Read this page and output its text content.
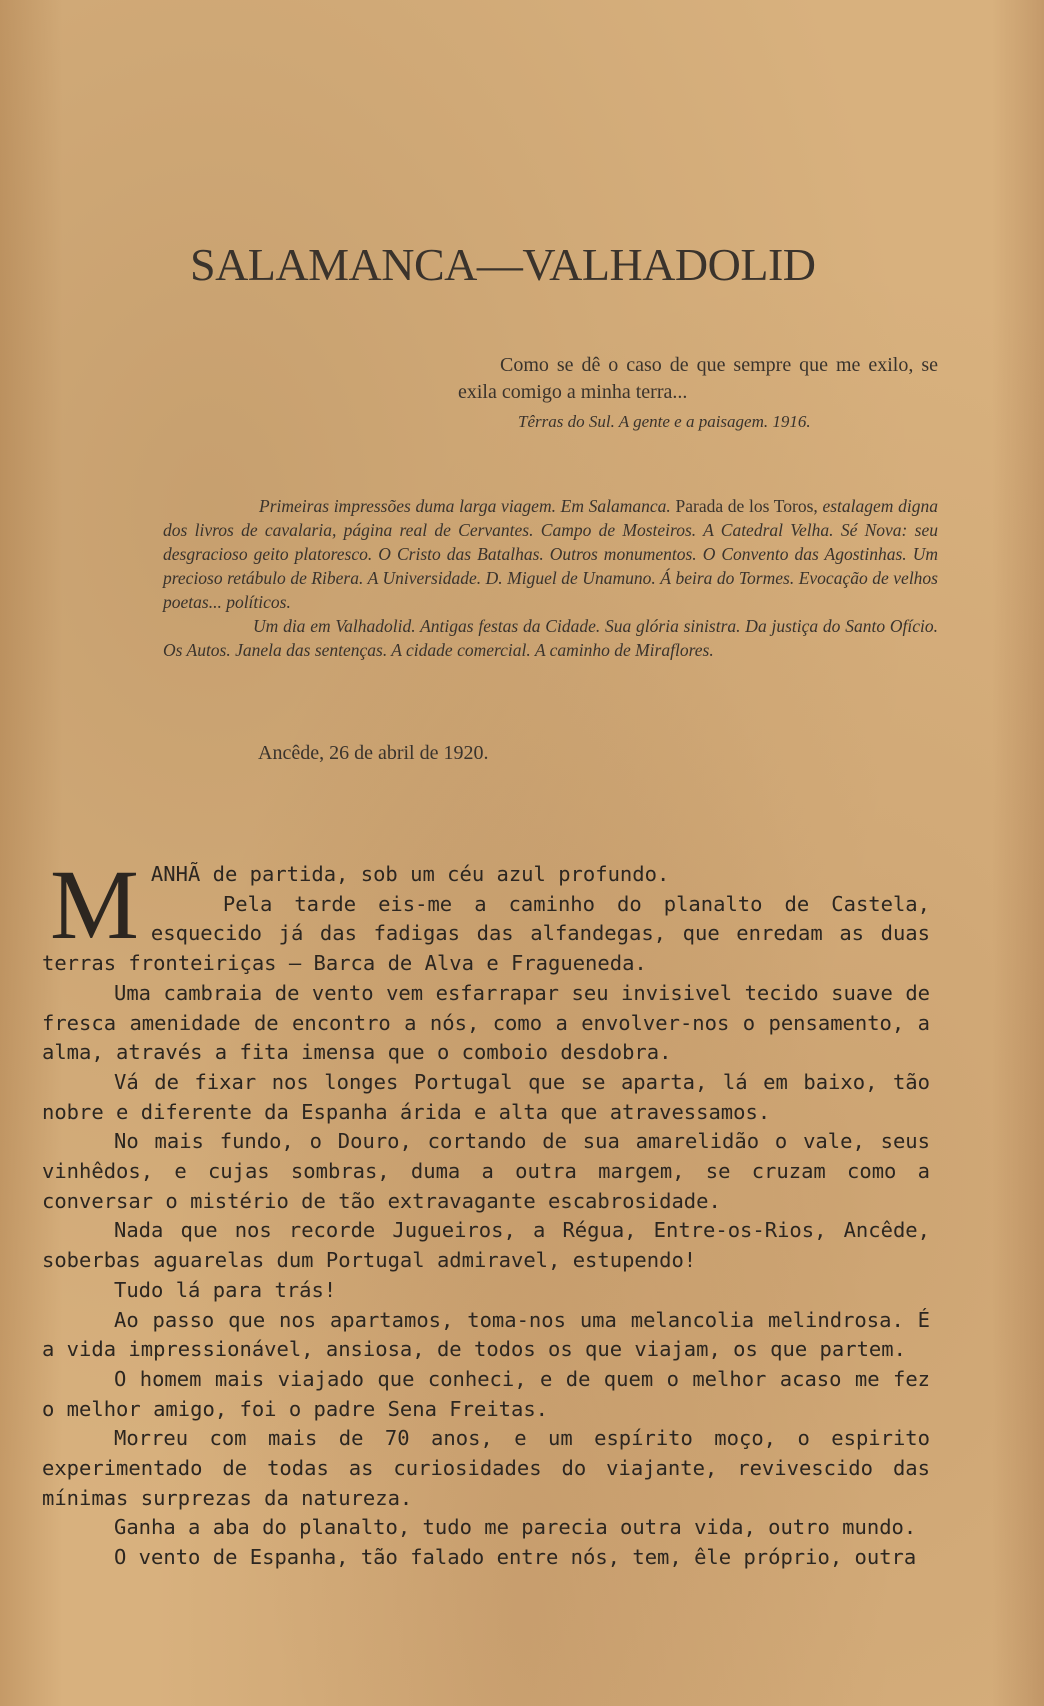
SALAMANCA—VALHADOLID
Como se dê o caso de que sempre que me exilo, se exila comigo a minha terra...
Têrras do Sul. A gente e a paisagem. 1916.

Primeiras impressões duma larga viagem. Em Salamanca. Parada de los Toros, estalagem digna dos livros de cavalaria, página real de Cervantes. Campo de Mosteiros. A Catedral Velha. Sé Nova: seu desgracioso geito platoresco. O Cristo das Batalhas. Outros monumentos. O Convento das Agostinhas. Um precioso retábulo de Ribera. A Universidade. D. Miguel de Unamuno. Á beira do Tormes. Evocação de velhos poetas... políticos.

Um dia em Valhadolid. Antigas festas da Cidade. Sua glória sinistra. Da justiça do Santo Ofício. Os Autos. Janela das sentenças. A cidade comercial. A caminho de Miraflores.

Ancêde, 26 de abril de 1920.

MANHÃ de partida, sob um céu azul profundo.

Pela tarde eis-me a caminho do planalto de Castela, esquecido já das fadigas das alfandegas, que enredam as duas terras fronteiriças — Barca de Alva e Fragueneda.

Uma cambraia de vento vem esfarrapar seu invisivel tecido suave de fresca amenidade de encontro a nós, como a envolver-nos o pensamento, a alma, através a fita imensa que o comboio desdobra.

Vá de fixar nos longes Portugal que se aparta, lá em baixo, tão nobre e diferente da Espanha árida e alta que atravessamos.

No mais fundo, o Douro, cortando de sua amarelidão o vale, seus vinhêdos, e cujas sombras, duma a outra margem, se cruzam como a conversar o mistério de tão extravagante escabrosidade.

Nada que nos recorde Jugueiros, a Régua, Entre-os-Rios, Ancêde, soberbas aguarelas dum Portugal admiravel, estupendo!

Tudo lá para trás!

Ao passo que nos apartamos, toma-nos uma melancolia melindrosa. É a vida impressionável, ansiosa, de todos os que viajam, os que partem.

O homem mais viajado que conheci, e de quem o melhor acaso me fez o melhor amigo, foi o padre Sena Freitas.

Morreu com mais de 70 anos, e um espírito moço, o espirito experimentado de todas as curiosidades do viajante, revivescido das mínimas surprezas da natureza.

Ganha a aba do planalto, tudo me parecia outra vida, outro mundo.

O vento de Espanha, tão falado entre nós, tem, êle próprio, outra
